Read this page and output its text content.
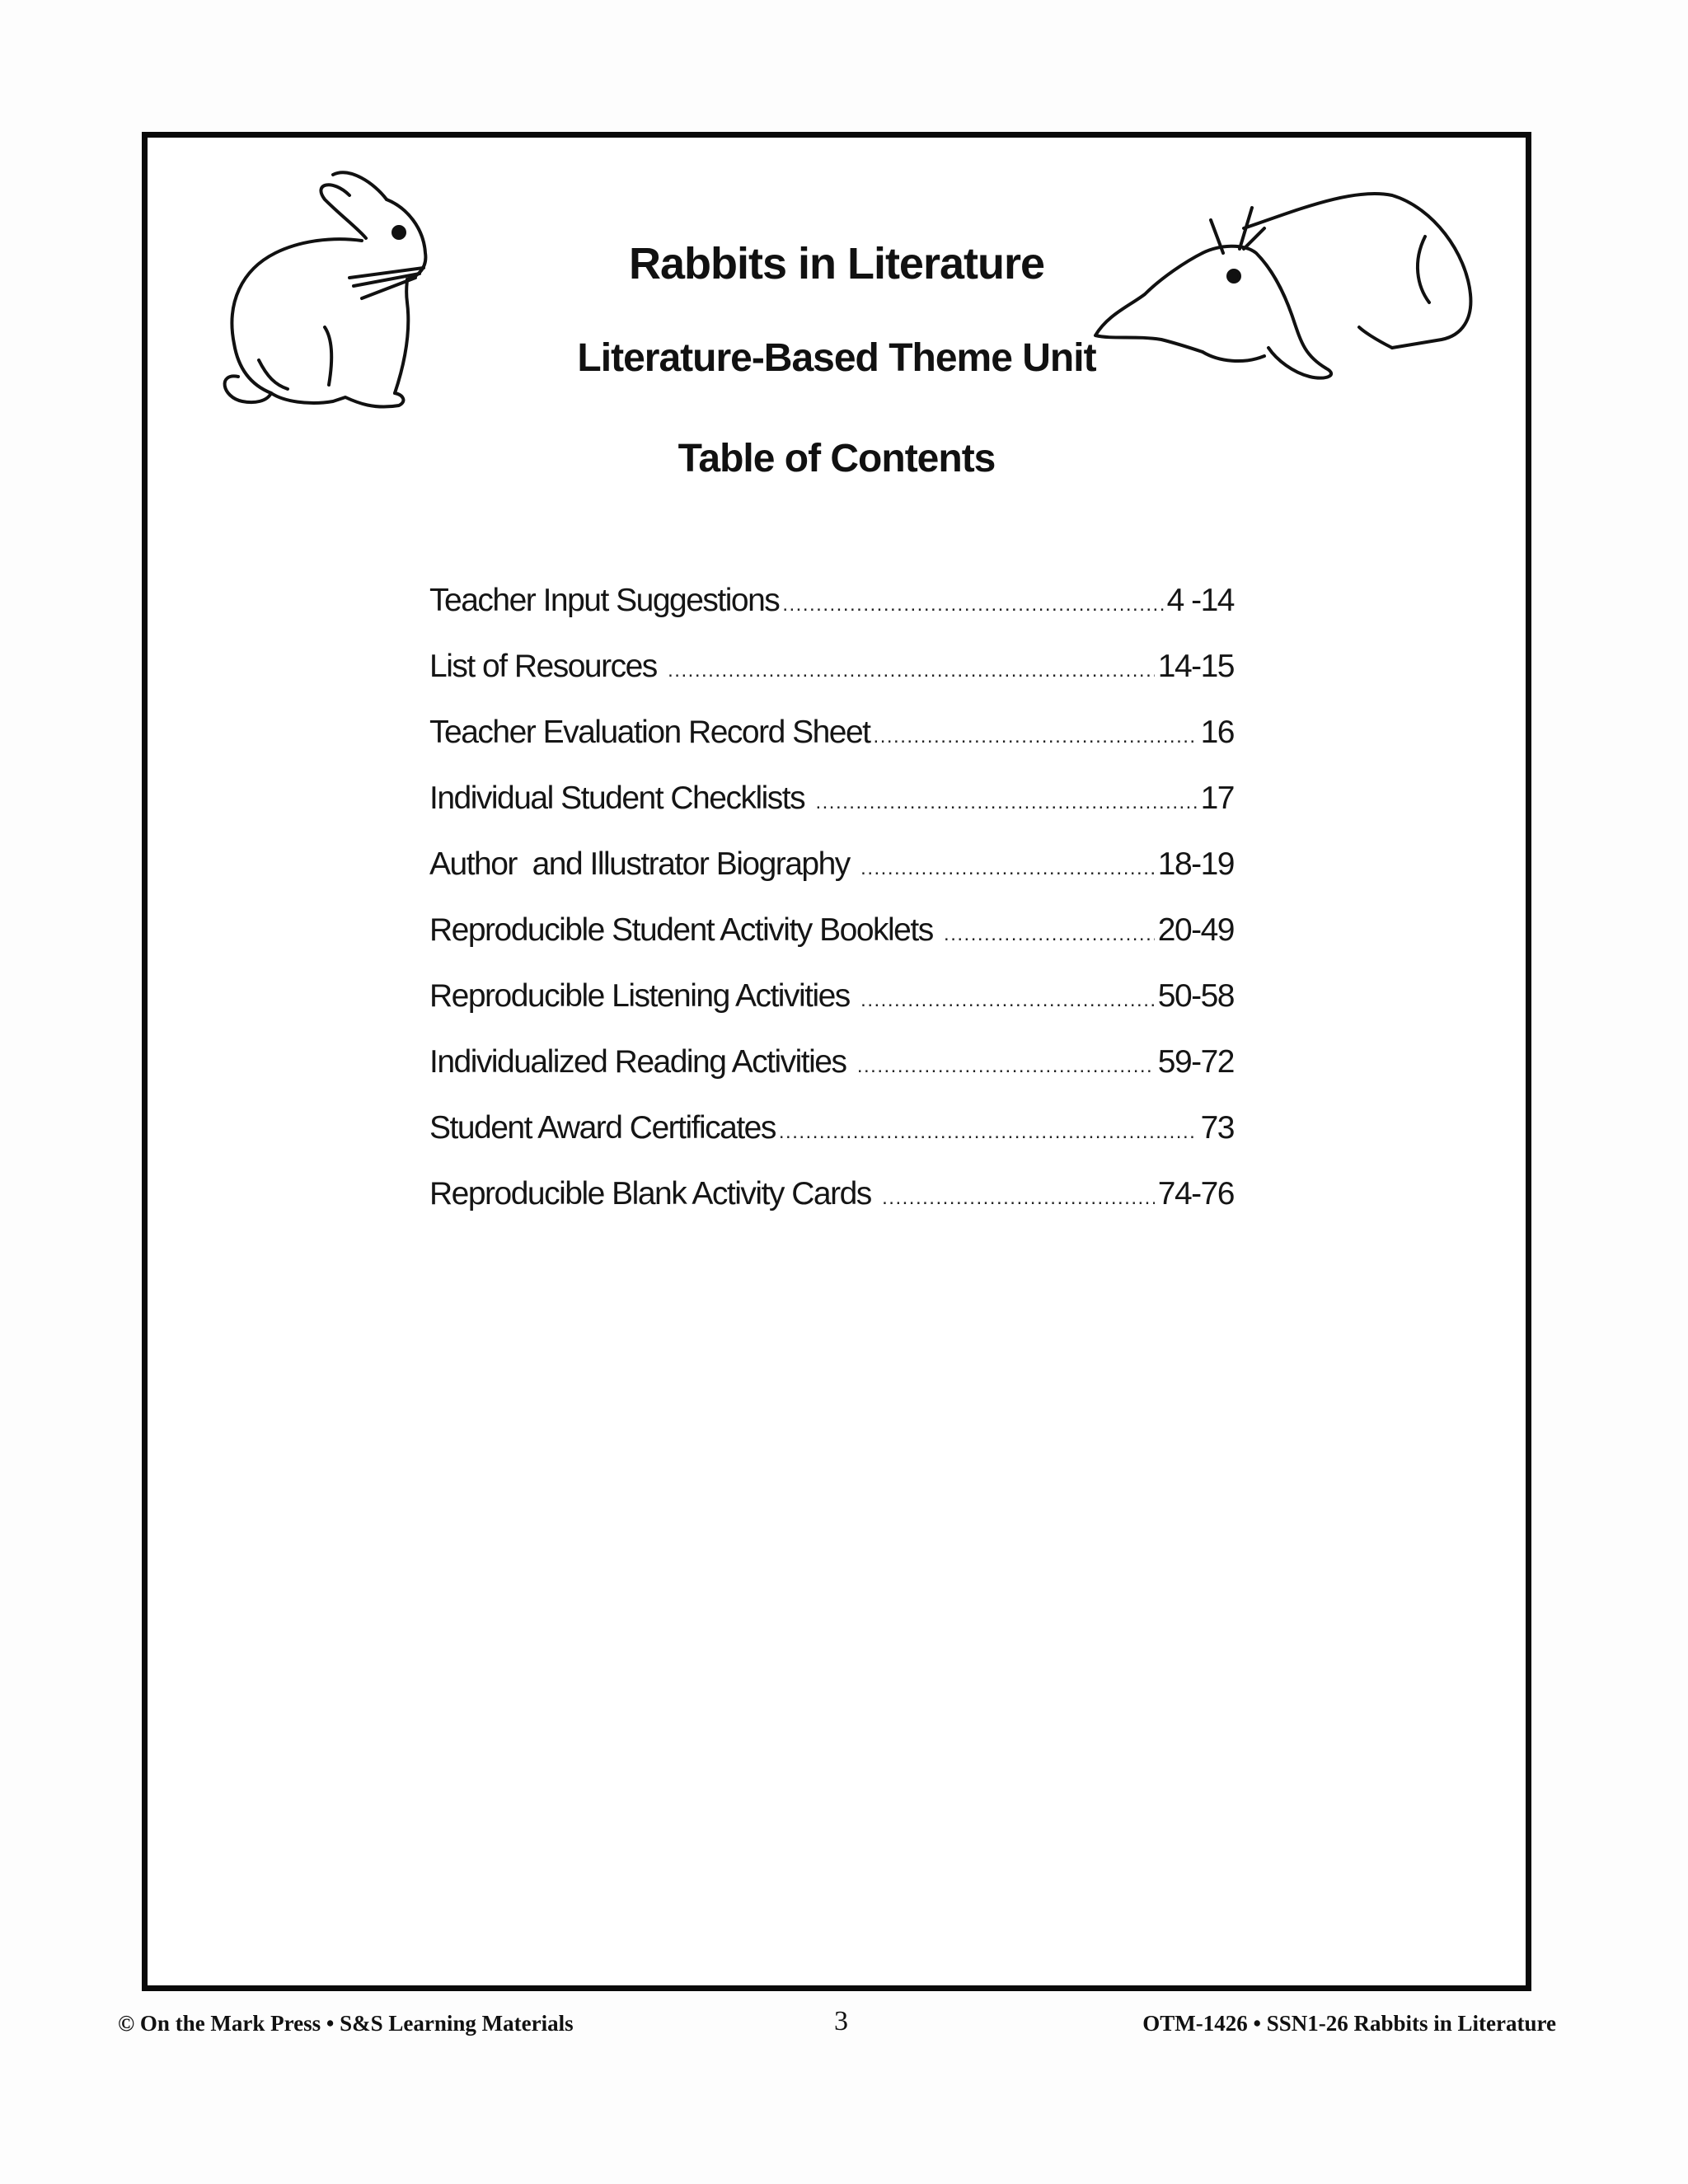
Rabbits in Literature
Literature-Based Theme Unit
Table of Contents
Teacher Input Suggestions .....	4 -14
List of Resources .....	14-15
Teacher Evaluation Record Sheet .....	16
Individual Student Checklists .....	17
Author  and Illustrator Biography .....	18-19
Reproducible Student Activity Booklets .....	20-49
Reproducible Listening Activities .....	50-58
Individualized Reading Activities .....	59-72
Student Award Certificates .....	73
Reproducible Blank Activity Cards .....	74-76
© On the Mark Press • S&S Learning Materials	3	OTM-1426 • SSN1-26 Rabbits in Literature
